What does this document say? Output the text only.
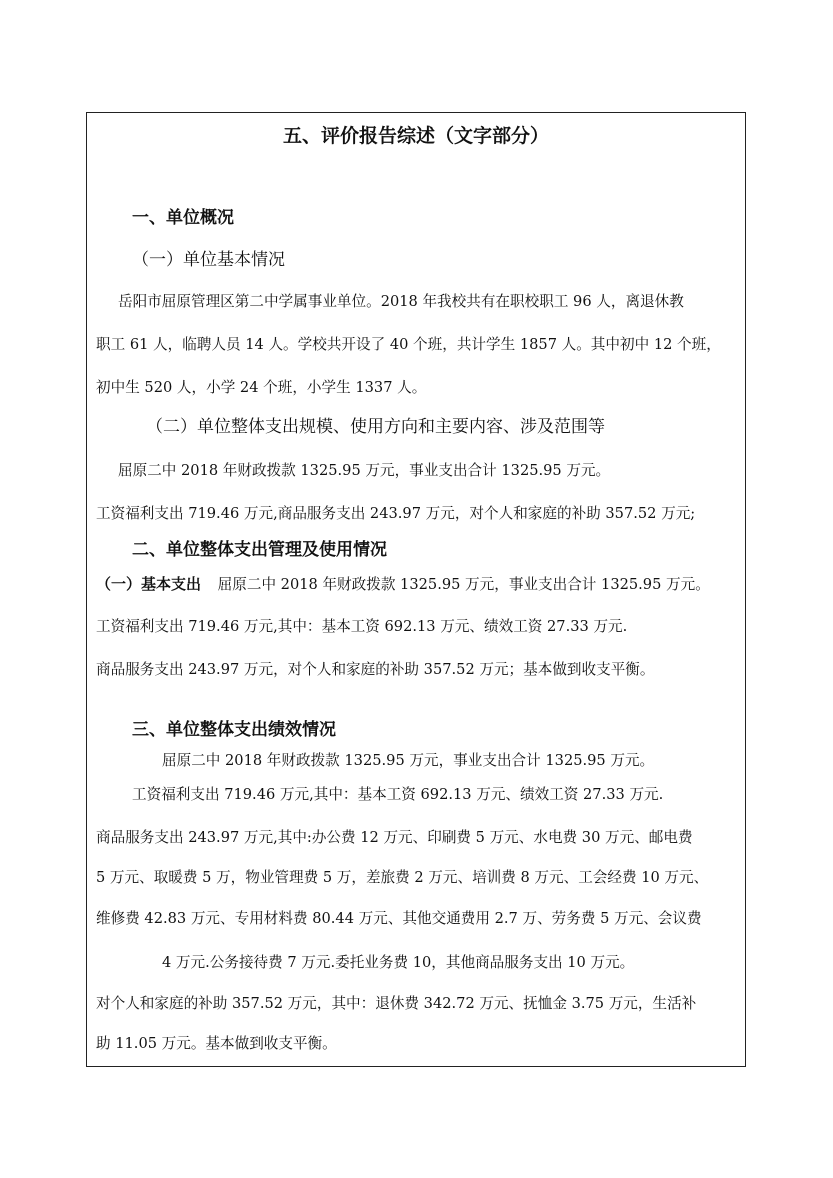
五、评价报告综述（文字部分）
一、单位概况
（一）单位基本情况
岳阳市屈原管理区第二中学属事业单位。2018 年我校共有在职校职工 96 人，离退休教
职工 61 人，临聘人员 14 人。学校共开设了 40 个班，共计学生 1857 人。其中初中 12 个班，
初中生 520 人，小学 24 个班，小学生 1337 人。
（二）单位整体支出规模、使用方向和主要内容、涉及范围等
屈原二中 2018 年财政拨款 1325.95 万元，事业支出合计 1325.95 万元。
工资福利支出 719.46 万元,商品服务支出 243.97 万元，对个人和家庭的补助 357.52 万元;
二、单位整体支出管理及使用情况
（一）基本支出 屈原二中 2018 年财政拨款 1325.95 万元，事业支出合计 1325.95 万元。
工资福利支出 719.46 万元,其中：基本工资 692.13 万元、绩效工资 27.33 万元.
商品服务支出 243.97 万元，对个人和家庭的补助 357.52 万元；基本做到收支平衡。
三、单位整体支出绩效情况
屈原二中 2018 年财政拨款 1325.95 万元，事业支出合计 1325.95 万元。
工资福利支出 719.46 万元,其中：基本工资 692.13 万元、绩效工资 27.33 万元.
商品服务支出 243.97 万元,其中:办公费 12 万元、印刷费 5 万元、水电费 30 万元、邮电费
5 万元、取暖费 5 万，物业管理费 5 万，差旅费 2 万元、培训费 8 万元、工会经费 10 万元、
维修费 42.83 万元、专用材料费 80.44 万元、其他交通费用 2.7 万、劳务费 5 万元、会议费
4 万元.公务接待费 7 万元.委托业务费 10，其他商品服务支出 10 万元。
对个人和家庭的补助 357.52 万元，其中：退休费 342.72 万元、抚恤金 3.75 万元，生活补
助 11.05 万元。基本做到收支平衡。
